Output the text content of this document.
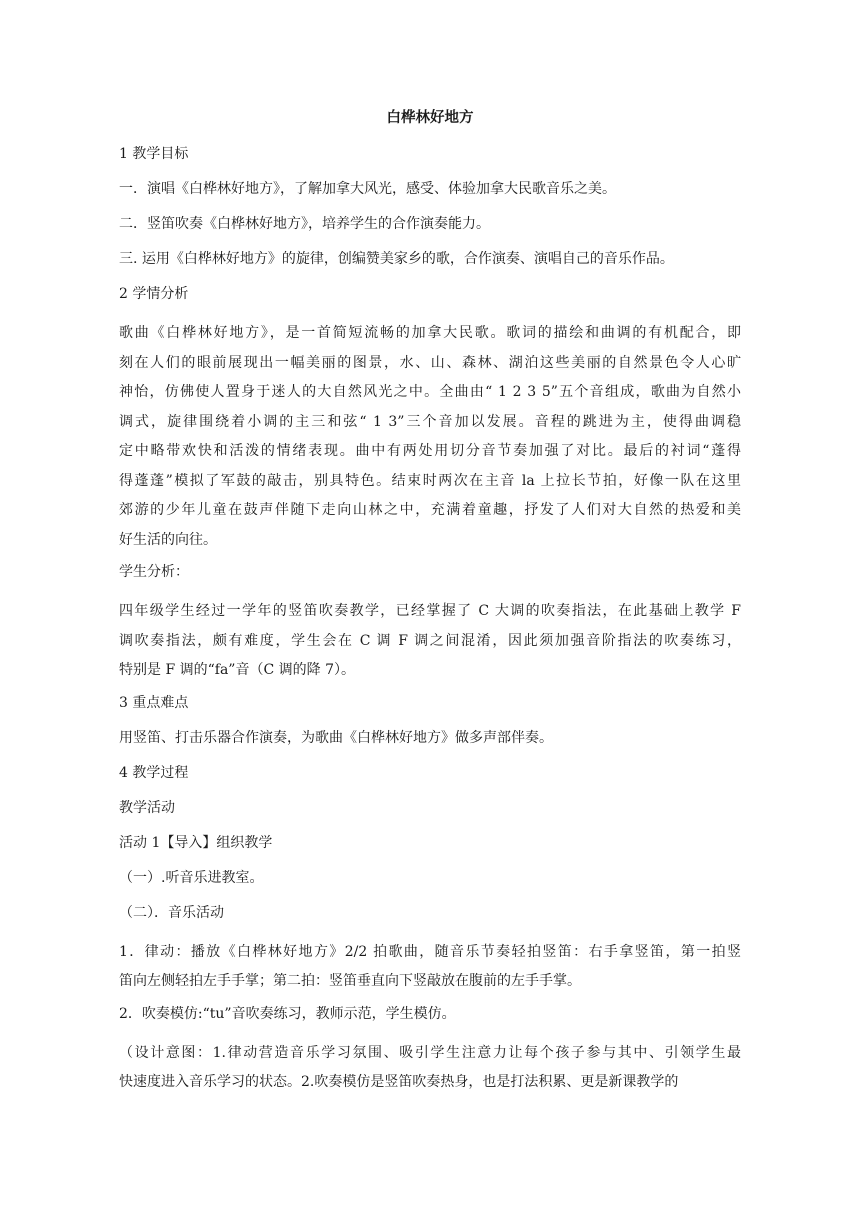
白桦林好地方
1 教学目标
一．演唱《白桦林好地方》，了解加拿大风光，感受、体验加拿大民歌音乐之美。
二．竖笛吹奏《白桦林好地方》，培养学生的合作演奏能力。
三. 运用《白桦林好地方》的旋律，创编赞美家乡的歌，合作演奏、演唱自己的音乐作品。
2 学情分析
歌曲《白桦林好地方》，是一首简短流畅的加拿大民歌。歌词的描绘和曲调的有机配合，即
刻在人们的眼前展现出一幅美丽的图景，水、山、森林、湖泊这些美丽的自然景色令人心旷
神怡，仿佛使人置身于迷人的大自然风光之中。全曲由“ 1 2 3 5”五个音组成，歌曲为自然小
调式，旋律围绕着小调的主三和弦“ 1 3”三个音加以发展。音程的跳进为主，使得曲调稳
定中略带欢快和活泼的情绪表现。曲中有两处用切分音节奏加强了对比。最后的衬词“蓬得
得蓬蓬”模拟了军鼓的敲击，别具特色。结束时两次在主音 la 上拉长节拍，好像一队在这里
郊游的少年儿童在鼓声伴随下走向山林之中，充满着童趣，抒发了人们对大自然的热爱和美
好生活的向往。
学生分析：
四年级学生经过一学年的竖笛吹奏教学，已经掌握了 C 大调的吹奏指法，在此基础上教学 F
调吹奏指法，颇有难度，学生会在 C 调 F 调之间混淆，因此须加强音阶指法的吹奏练习，
特别是 F 调的“fa”音（C 调的降 7）。
3 重点难点
用竖笛、打击乐器合作演奏，为歌曲《白桦林好地方》做多声部伴奏。
4 教学过程
教学活动
活动 1【导入】组织教学
（一）.听音乐进教室。
（二）．音乐活动
1．律动：播放《白桦林好地方》2/2 拍歌曲，随音乐节奏轻拍竖笛：右手拿竖笛，第一拍竖
笛向左侧轻拍左手手掌；第二拍：竖笛垂直向下竖敲放在腹前的左手手掌。
2．吹奏模仿:“tu”音吹奏练习，教师示范，学生模仿。
（设计意图：1.律动营造音乐学习氛围、吸引学生注意力让每个孩子参与其中、引领学生最
快速度进入音乐学习的状态。2.吹奏模仿是竖笛吹奏热身，也是打法积累、更是新课教学的
